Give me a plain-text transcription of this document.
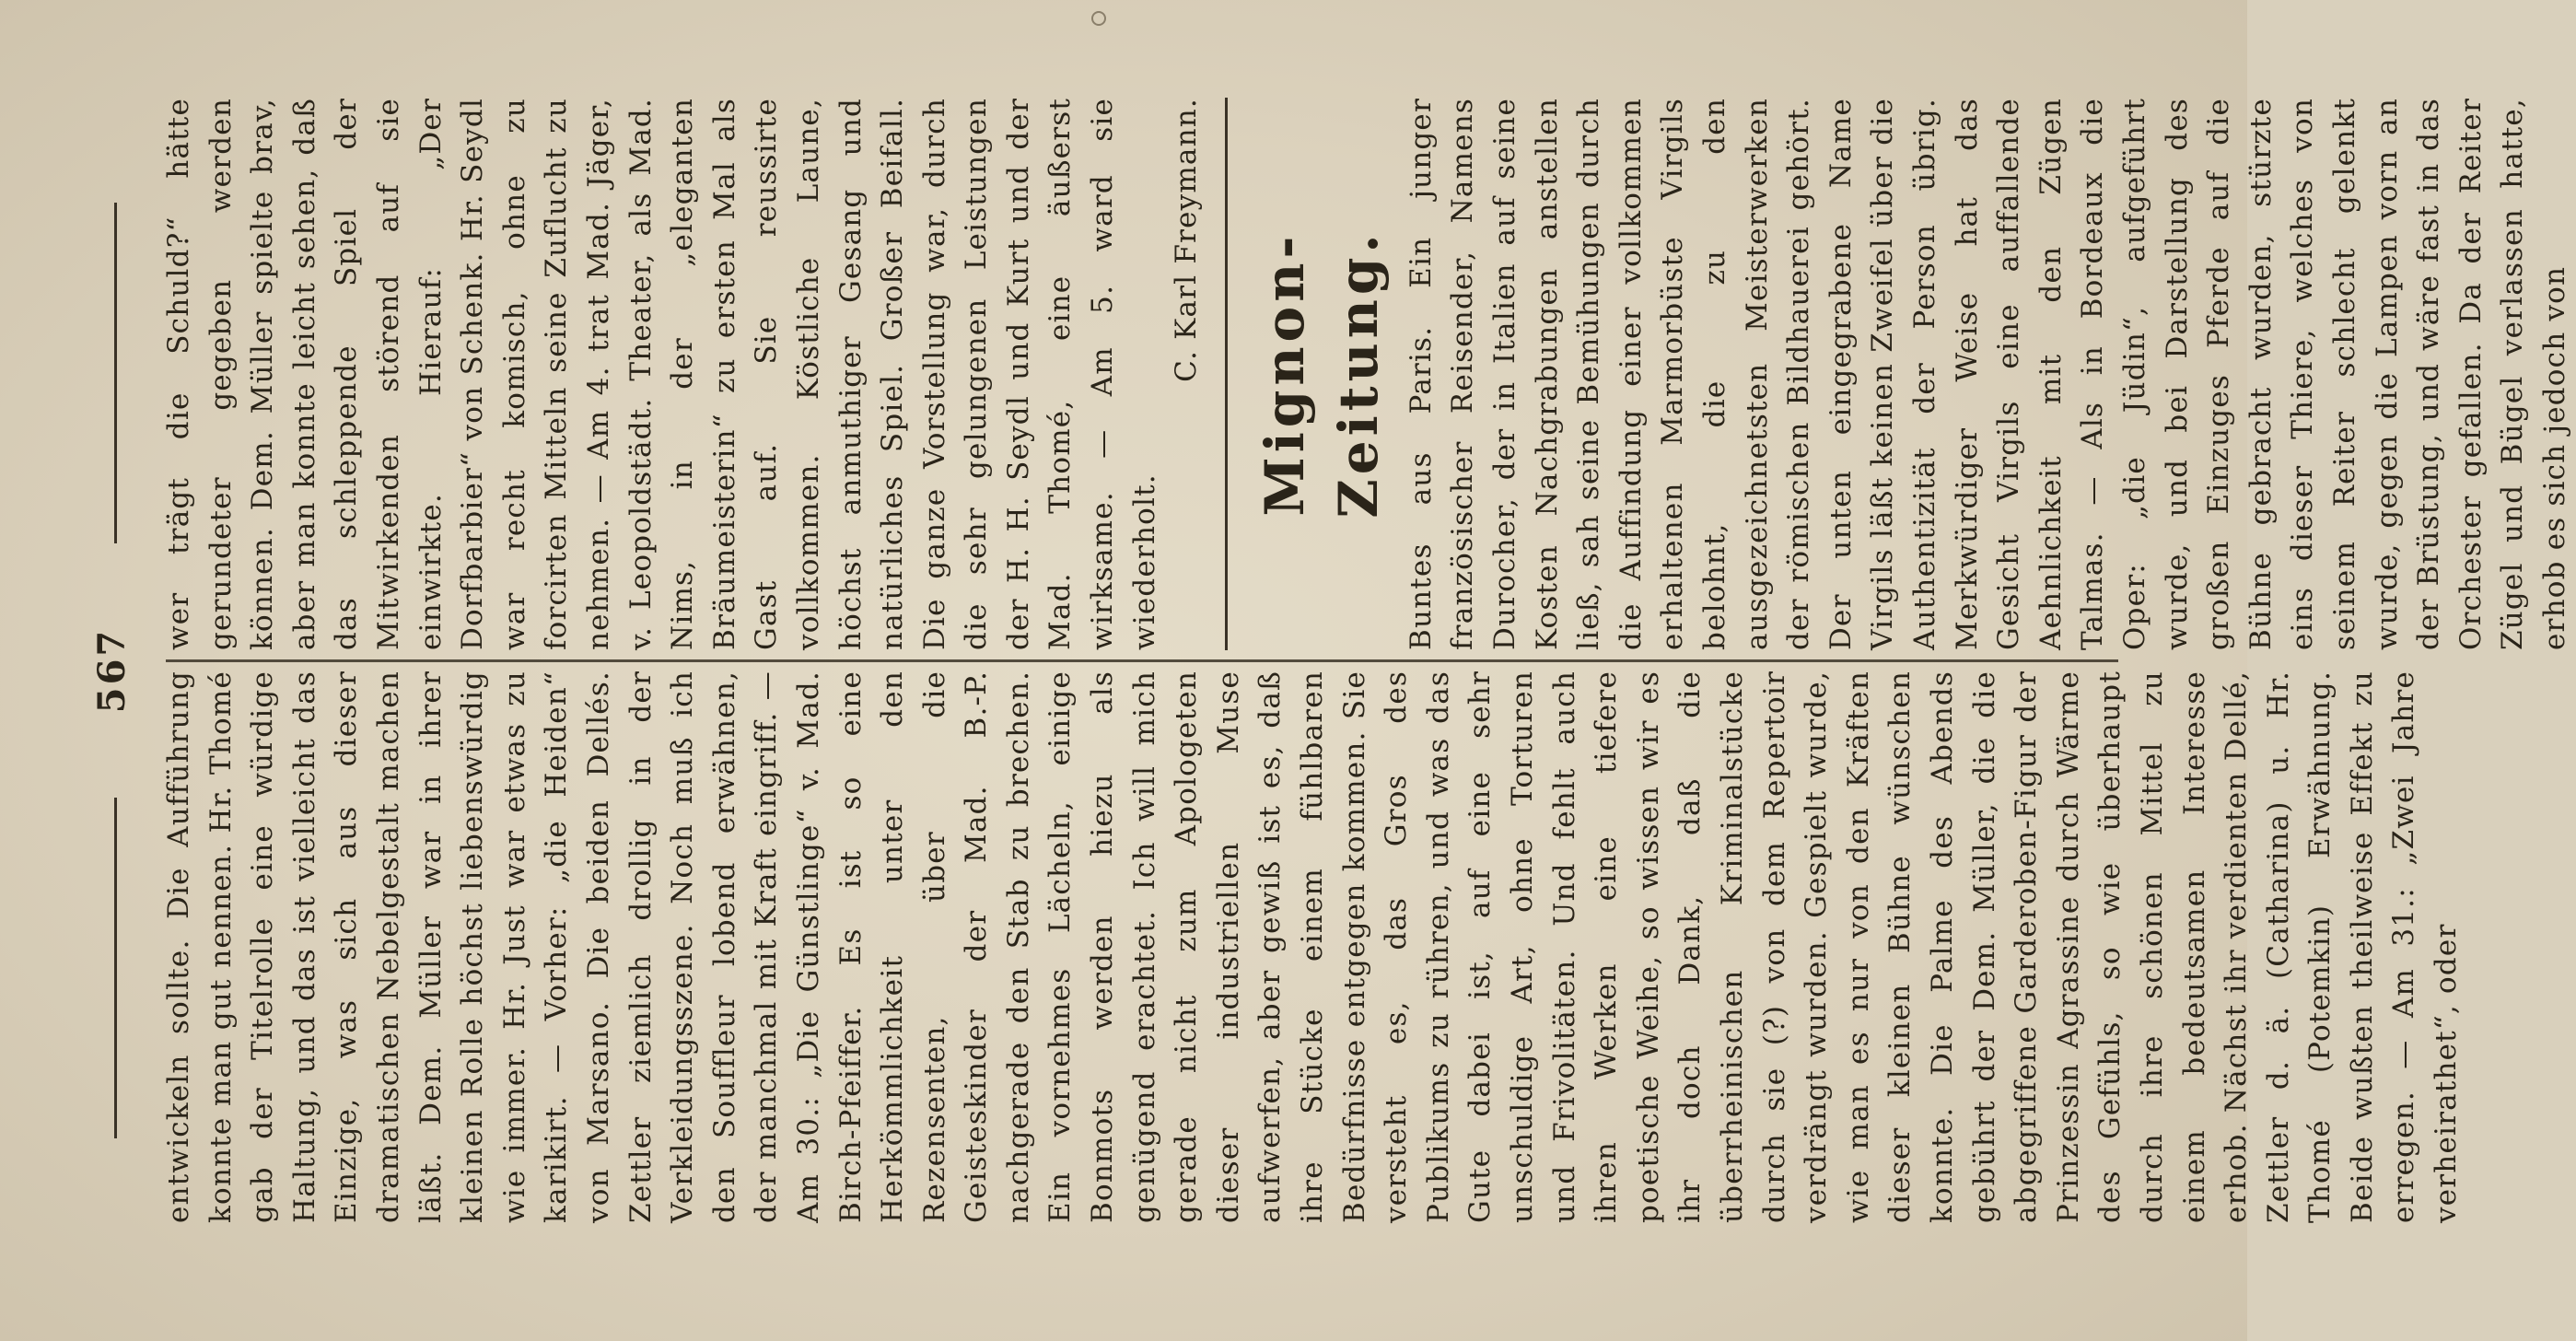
567 entwickeln sollte. Die Aufführung konnte man gut nennen. Hr. Thomé gab der Titelrolle eine würdige Haltung, und das ist vielleicht das Einzige, was sich aus dieser dramatischen Nebelgestalt machen läßt. Dem. Müller war in ihrer kleinen Rolle höchst liebenswürdig wie immer. Hr. Just war etwas zu karikirt. — Vorher: „die Heiden“ von Marsano. Die beiden Dellés. Zettler ziemlich drollig in der Verkleidungsszene. Noch muß ich den Souffleur lobend erwähnen, der manchmal mit Kraft eingriff. — Am 30.: „Die Günstlinge“ v. Mad. Birch-Pfeiffer. Es ist so eine Herkömmlichkeit unter den Rezensenten, über die Geisteskinder der Mad. B.-P. nachgerade den Stab zu brechen. Ein vornehmes Lächeln, einige Bonmots werden hiezu als genügend erachtet. Ich will mich gerade nicht zum Apologeten dieser industriellen Muse aufwerfen, aber gewiß ist es, daß ihre Stücke einem fühlbaren Bedürfnisse entgegen kommen. Sie versteht es, das Gros des Publikums zu rühren, und was das Gute dabei ist, auf eine sehr unschuldige Art, ohne Torturen und Frivolitäten. Und fehlt auch ihren Werken eine tiefere poetische Weihe, so wissen wir es ihr doch Dank, daß die überrheinischen Kriminalstücke durch sie (?) von dem Repertoir verdrängt wurden. Gespielt wurde, wie man es nur von den Kräften dieser kleinen Bühne wünschen konnte. Die Palme des Abends gebührt der Dem. Müller, die die abgegriffene Garderoben-Figur der Prinzessin Agrassine durch Wärme des Gefühls, so wie überhaupt durch ihre schönen Mittel zu einem bedeutsamen Interesse erhob. Nächst ihr verdienten Dellé, Zettler d. ä. (Catharina) u. Hr. Thomé (Potemkin) Erwähnung. Beide wußten theilweise Effekt zu erregen. — Am 31.: „Zwei Jahre verheirathet“, oder

wer trägt die Schuld?“ hätte gerundeter gegeben werden können. Dem. Müller spielte brav, aber man konnte leicht sehen, daß das schleppende Spiel der Mitwirkenden störend auf sie einwirkte. Hierauf: „Der Dorfbarbier“ von Schenk. Hr. Seydl war recht komisch, ohne zu forcirten Mitteln seine Zuflucht zu nehmen. — Am 4. trat Mad. Jäger, v. Leopoldstädt. Theater, als Mad. Nims, in der „eleganten Bräumeisterin“ zu ersten Mal als Gast auf. Sie reussirte vollkommen. Köstliche Laune, höchst anmuthiger Gesang und natürliches Spiel. Großer Beifall. Die ganze Vorstellung war, durch die sehr gelungenen Leistungen der H. H. Seydl und Kurt und der Mad. Thomé, eine äußerst wirksame. — Am 5. ward sie wiederholt.

C. Karl Freymann. Mignon-Zeitung. Buntes aus Paris. Ein junger französischer Reisender, Namens Durocher, der in Italien auf seine Kosten Nachgrabungen anstellen ließ, sah seine Bemühungen durch die Auffindung einer vollkommen erhaltenen Marmorbüste Virgils belohnt, die zu den ausgezeichnetsten Meisterwerken der römischen Bildhauerei gehört. Der unten eingegrabene Name Virgils läßt keinen Zweifel über die Authentizität der Person übrig. Merkwürdiger Weise hat das Gesicht Virgils eine auffallende Aehnlichkeit mit den Zügen Talmas. — Als in Bordeaux die Oper: „die Jüdin“, aufgeführt wurde, und bei Darstellung des großen Einzuges Pferde auf die Bühne gebracht wurden, stürzte eins dieser Thiere, welches von seinem Reiter schlecht gelenkt wurde, gegen die Lampen vorn an der Brüstung, und wäre fast in das Orchester gefallen. Da der Reiter Zügel und Bügel verlassen hatte, erhob es sich jedoch von
